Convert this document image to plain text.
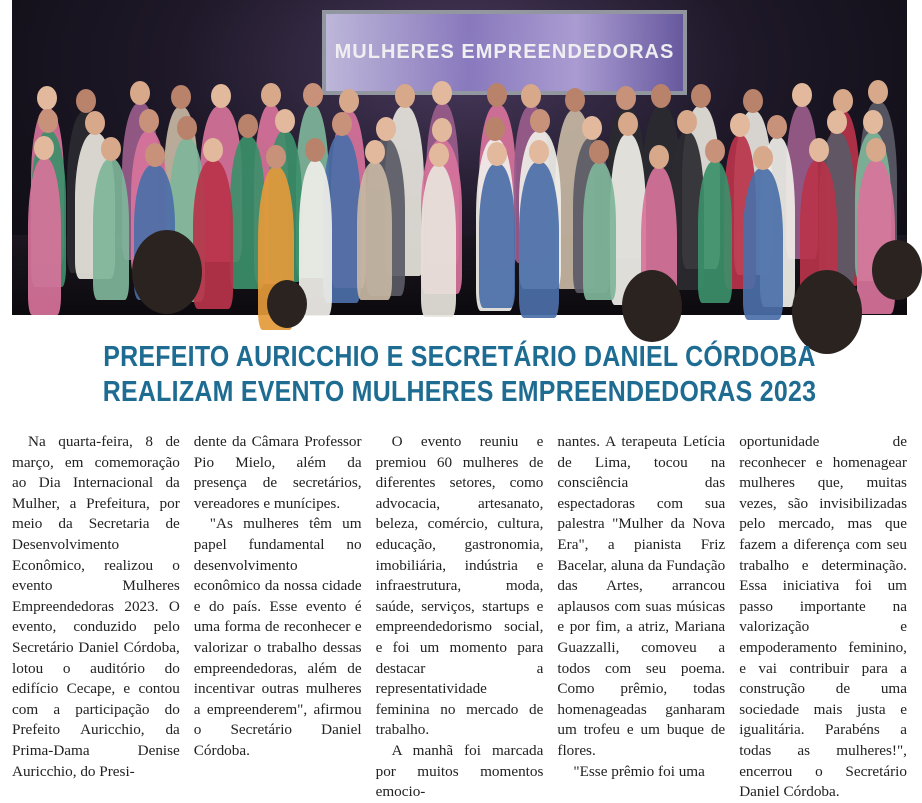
MULHERES EMPREENDEDORAS
PREFEITO AURICCHIO E SECRETÁRIO DANIEL CÓRDOBA REALIZAM EVENTO MULHERES EMPREENDEDORAS 2023

Na quarta-feira, 8 de março, em comemoração ao Dia Internacional da Mulher, a Prefeitura, por meio da Secretaria de Desenvolvimento Econômico, realizou o evento Mulheres Empreendedoras 2023. O evento, conduzido pelo Secretário Daniel Córdoba, lotou o auditório do edifício Cecape, e contou com a participação do Prefeito Auricchio, da Prima-Dama Denise Auricchio, do Presi-

dente da Câmara Professor Pio Mielo, além da presença de secretários, vereadores e munícipes.

"As mulheres têm um papel fundamental no desenvolvimento econômico da nossa cidade e do país. Esse evento é uma forma de reconhecer e valorizar o trabalho dessas empreendedoras, além de incentivar outras mulheres a empreenderem", afirmou o Secretário Daniel Córdoba.

O evento reuniu e premiou 60 mulheres de diferentes setores, como advocacia, artesanato, beleza, comércio, cultura, educação, gastronomia, imobiliária, indústria e infraestrutura, moda, saúde, serviços, startups e empreendedorismo social, e foi um momento para destacar a representatividade feminina no mercado de trabalho.

A manhã foi marcada por muitos momentos emocio-

nantes. A terapeuta Letícia de Lima, tocou na consciência das espectadoras com sua palestra "Mulher da Nova Era", a pianista Friz Bacelar, aluna da Fundação das Artes, arrancou aplausos com suas músicas e por fim, a atriz, Mariana Guazzalli, comoveu a todos com seu poema. Como prêmio, todas homenageadas ganharam um trofeu e um buque de flores.

"Esse prêmio foi uma

oportunidade de reconhecer e homenagear mulheres que, muitas vezes, são invisibilizadas pelo mercado, mas que fazem a diferença com seu trabalho e determinação. Essa iniciativa foi um passo importante na valorização e empoderamento feminino, e vai contribuir para a construção de uma sociedade mais justa e igualitária. Parabéns a todas as mulheres!", encerrou o Secretário Daniel Córdoba.
